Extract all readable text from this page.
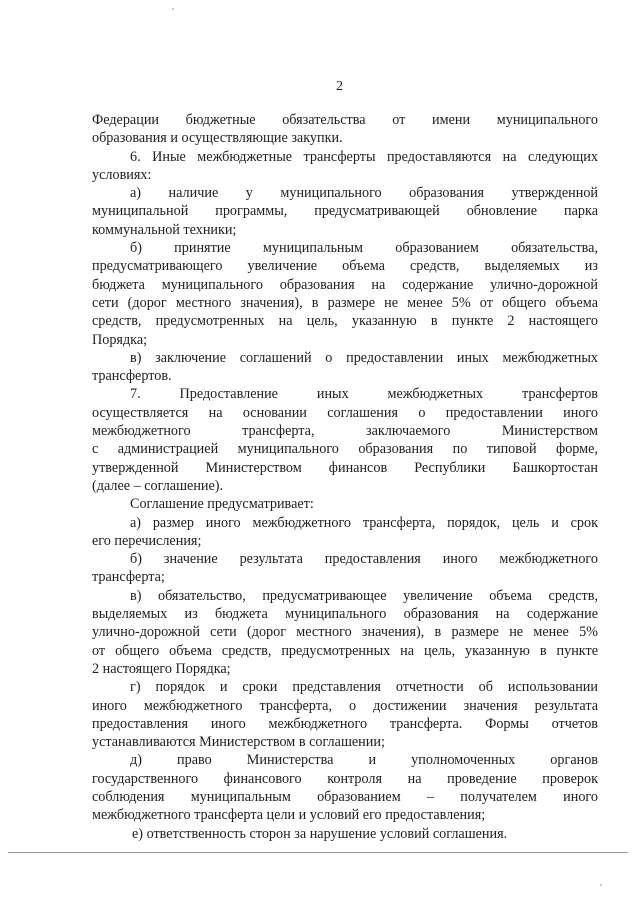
2

Федерации бюджетные обязательства от имени муниципального

образования и осуществляющие закупки.

6. Иные межбюджетные трансферты предоставляются на следующих

условиях:

а) наличие у муниципального образования утвержденной

муниципальной программы, предусматривающей обновление парка

коммунальной техники;

б) принятие муниципальным образованием обязательства,

предусматривающего увеличение объема средств, выделяемых из

бюджета муниципального образования на содержание улично-дорожной

сети (дорог местного значения), в размере не менее 5% от общего объема

средств, предусмотренных на цель, указанную в пункте 2 настоящего

Порядка;

в) заключение соглашений о предоставлении иных межбюджетных

трансфертов.

7. Предоставление иных межбюджетных трансфертов

осуществляется на основании соглашения о предоставлении иного

межбюджетного трансферта, заключаемого Министерством

с администрацией муниципального образования по типовой форме,

утвержденной Министерством финансов Республики Башкортостан

(далее – соглашение).

Соглашение предусматривает:

а) размер иного межбюджетного трансферта, порядок, цель и срок

его перечисления;

б) значение результата предоставления иного межбюджетного

трансферта;

в) обязательство, предусматривающее увеличение объема средств,

выделяемых из бюджета муниципального образования на содержание

улично-дорожной сети (дорог местного значения), в размере не менее 5%

от общего объема средств, предусмотренных на цель, указанную в пункте

2 настоящего Порядка;

г) порядок и сроки представления отчетности об использовании

иного межбюджетного трансферта, о достижении значения результата

предоставления иного межбюджетного трансферта. Формы отчетов

устанавливаются Министерством в соглашении;

д) право Министерства и уполномоченных органов

государственного финансового контроля на проведение проверок

соблюдения муниципальным образованием – получателем иного

межбюджетного трансферта цели и условий его предоставления;

е) ответственность сторон за нарушение условий соглашения.
